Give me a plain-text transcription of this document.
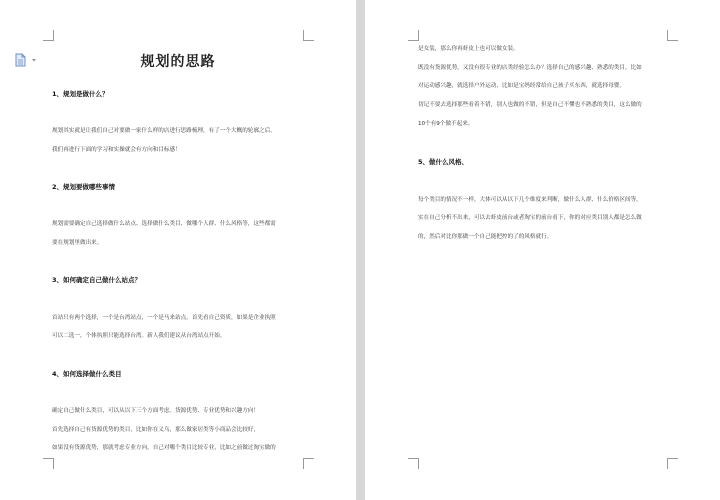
规划的思路
1、规划是做什么？
规划其实就是让我们自己对要做一家什么样的店进行思路梳理，有了一个大概的轮廓之后，
我们再进行下面的学习和实操就会有方向和目标感！
2、规划要做哪些事情
规划需要确定自己选择做什么站点、选择做什么类目、做哪个人群、什么风格等，这些都需
要在规划里做出来。
3、如何确定自己做什么站点？
首站只有两个选择，一个是台湾站点，一个是马来站点。首先看自己资质，如果是企业执照
可以二选一，个体执照只能选择台湾。新人我们建议从台湾站点开始。
4、如何选择做什么类目
确定自己做什么类目，可以从以下三个方面考虑。货源优势、专业优势和兴趣方向！
首先选择自己有货源优势的类目，比如你在义乌，那么做家居类等小商品会比较好，
如果没有货源优势，那就考虑专业方向，自己对哪个类目比较专业，比如之前做过淘宝做的
是女装，那么你再虾皮上也可以做女装。
既没有货源优势，又没有很专业的店类经验怎么办？选择自己的感兴趣、熟悉的类目，比如
对运动感兴趣，就选择户外运动，比如是宝妈经常给自己孩子买东西，就选择母婴。
切记不要去选择那些看着不错，别人也做的不错，但是自己不懂也不熟悉的类目，这么做的
10个有9个做不起来。
5、做什么风格、
每个类目的情况不一样，大体可以从以下几个维度来判断，做什么人群、什么价格区间等，
实在自己分析不出来，可以去虾皮前台或者淘宝的前台看下，你的对应类目别人都是怎么做
的，然后对比你那做一个自己能把控的了的风格就行。
